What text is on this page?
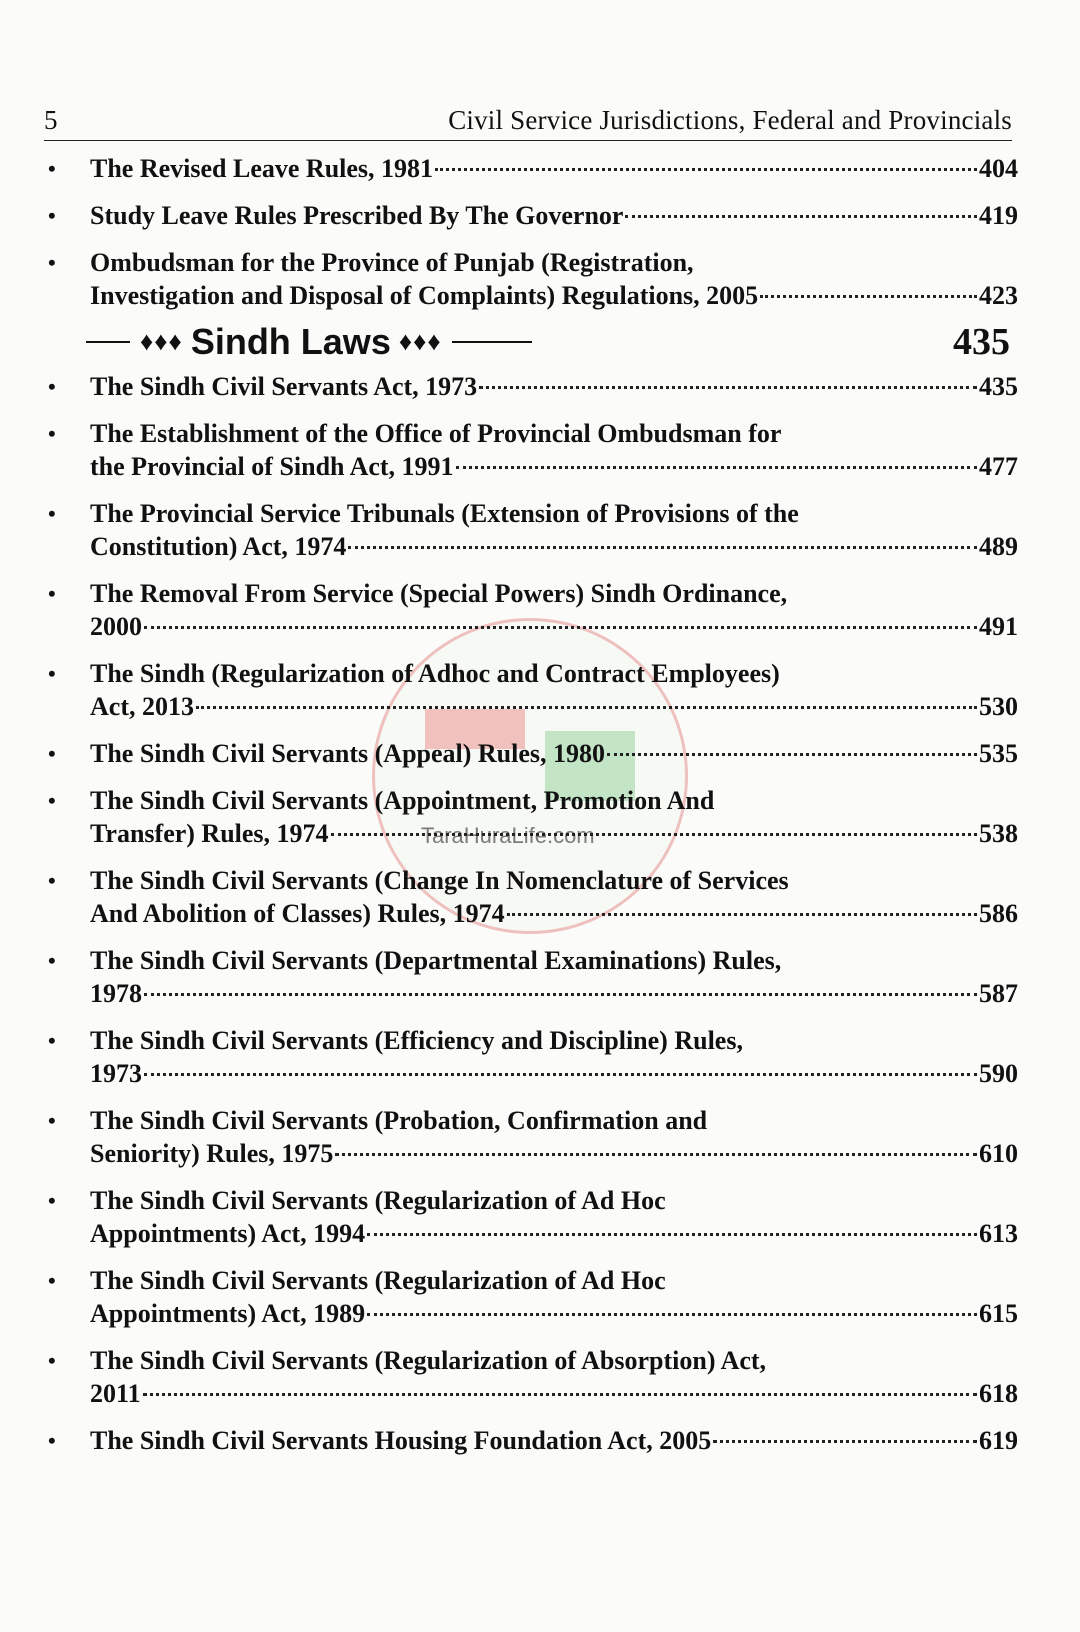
5	Civil Service Jurisdictions, Federal and Provincials
TaraHuraLife.com
•	The Revised Leave Rules, 1981	404
•	Study Leave Rules Prescribed By The Governor	419
•	Ombudsman for the Province of Punjab (Registration,
Investigation and Disposal of Complaints) Regulations, 2005	423
♦♦♦ Sindh Laws ♦♦♦	435
•	The Sindh Civil Servants Act, 1973	435
•	The Establishment of the Office of Provincial Ombudsman for
the Provincial of Sindh Act, 1991	477
•	The Provincial Service Tribunals (Extension of Provisions of the
Constitution) Act, 1974	489
•	The Removal From Service (Special Powers) Sindh Ordinance,
2000	491
•	The Sindh (Regularization of Adhoc and Contract Employees)
Act, 2013	530
•	The Sindh Civil Servants (Appeal) Rules, 1980	535
•	The Sindh Civil Servants (Appointment, Promotion And
Transfer) Rules, 1974	538
•	The Sindh Civil Servants (Change In Nomenclature of Services
And Abolition of Classes) Rules, 1974	586
•	The Sindh Civil Servants (Departmental Examinations) Rules,
1978	587
•	The Sindh Civil Servants (Efficiency and Discipline) Rules,
1973	590
•	The Sindh Civil Servants (Probation, Confirmation and
Seniority) Rules, 1975	610
•	The Sindh Civil Servants (Regularization of Ad Hoc
Appointments) Act, 1994	613
•	The Sindh Civil Servants (Regularization of Ad Hoc
Appointments) Act, 1989	615
•	The Sindh Civil Servants (Regularization of Absorption) Act,
2011	618
•	The Sindh Civil Servants Housing Foundation Act, 2005	619
